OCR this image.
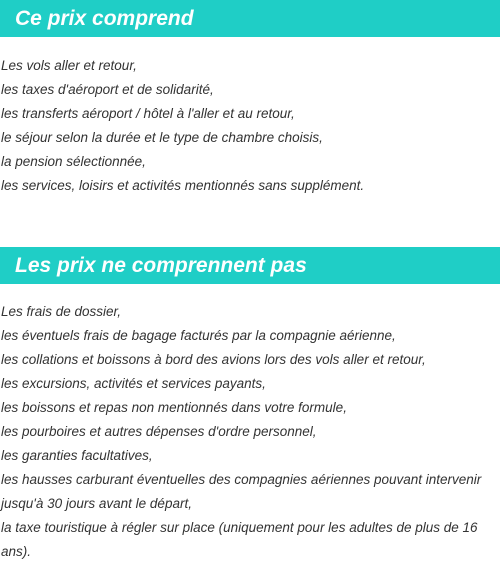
Ce prix comprend
Les vols aller et retour,
les taxes d'aéroport et de solidarité,
les transferts aéroport / hôtel à l'aller et au retour,
le séjour selon la durée et le type de chambre choisis,
la pension sélectionnée,
les services, loisirs et activités mentionnés sans supplément.
Les prix ne comprennent pas
Les frais de dossier,
les éventuels frais de bagage facturés par la compagnie aérienne,
les collations et boissons à bord des avions lors des vols aller et retour,
les excursions, activités et services payants,
les boissons et repas non mentionnés dans votre formule,
les pourboires et autres dépenses d'ordre personnel,
les garanties facultatives,
les hausses carburant éventuelles des compagnies aériennes pouvant intervenir jusqu'à 30 jours avant le départ,
la taxe touristique à régler sur place (uniquement pour les adultes de plus de 16 ans).
